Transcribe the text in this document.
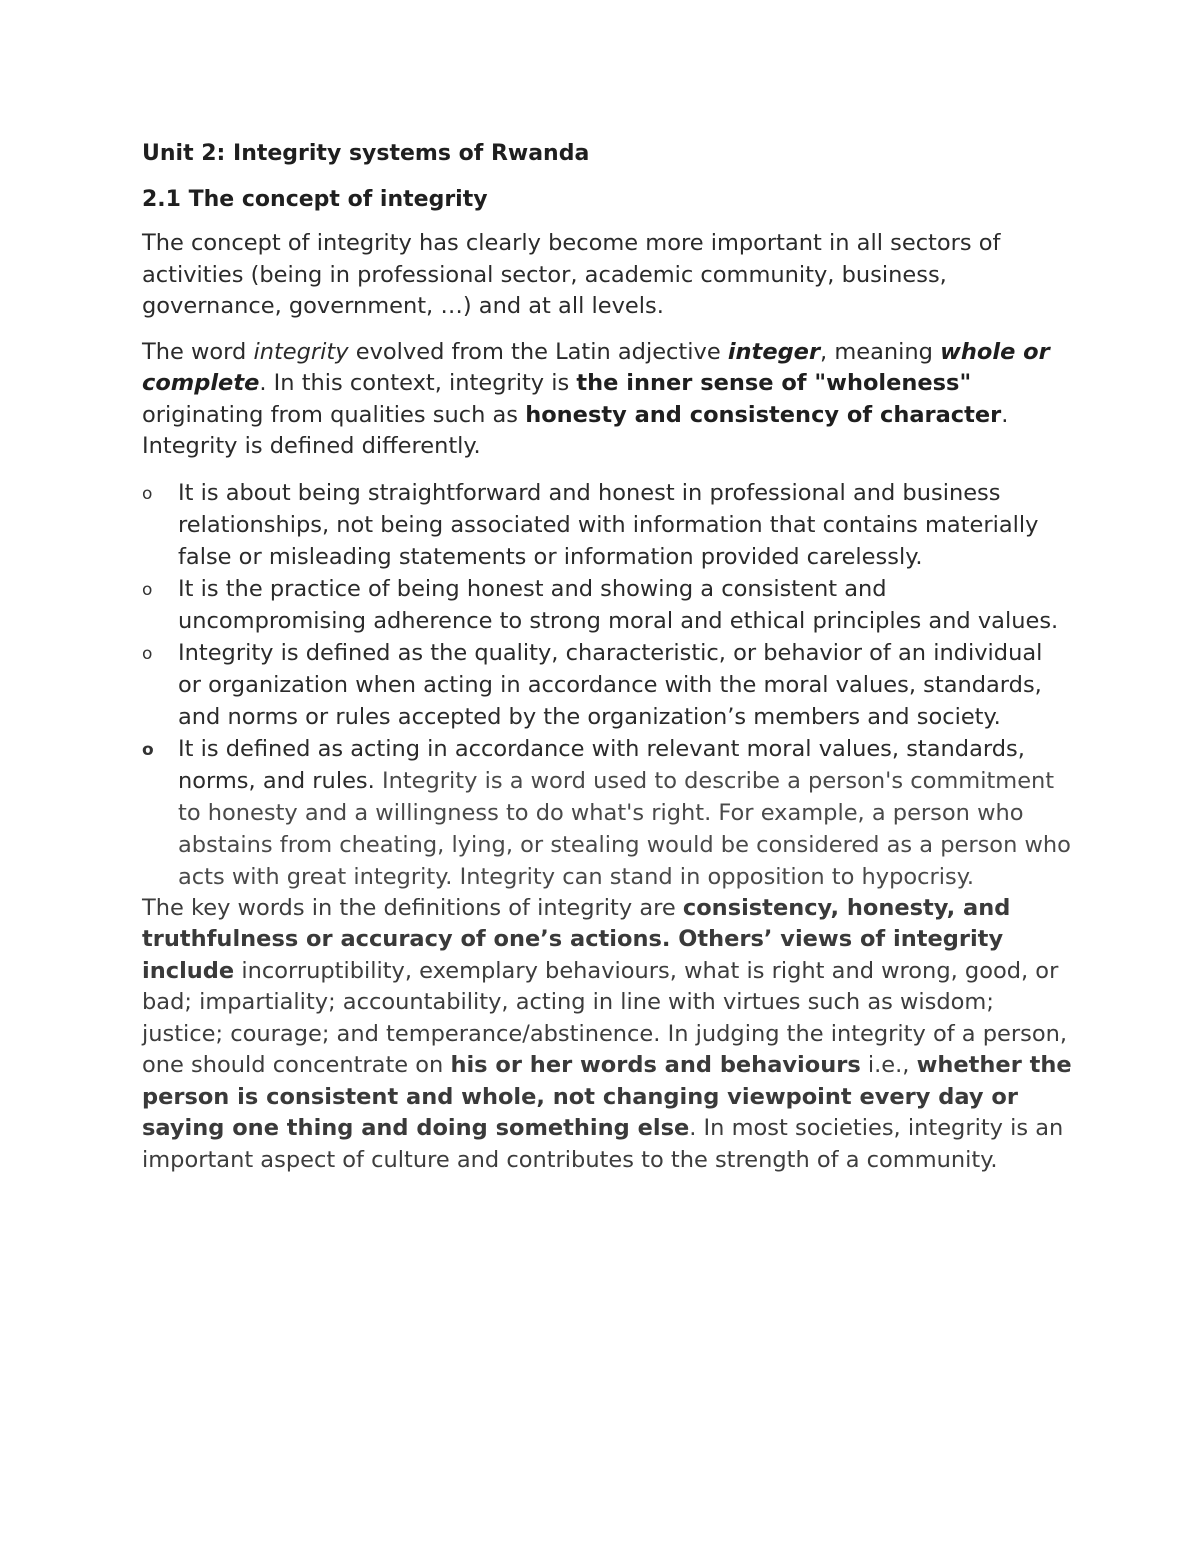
Unit 2: Integrity systems of Rwanda
2.1 The concept of integrity

The concept of integrity has clearly become more important in all sectors of activities (being in professional sector, academic community, business, governance, government, …) and at all levels.

The word integrity evolved from the Latin adjective integer, meaning whole or complete. In this context, integrity is the inner sense of "wholeness" originating from qualities such as honesty and consistency of character. Integrity is defined differently.

o It is about being straightforward and honest in professional and business relationships, not being associated with information that contains materially false or misleading statements or information provided carelessly.
o It is the practice of being honest and showing a consistent and uncompromising adherence to strong moral and ethical principles and values.
o Integrity is defined as the quality, characteristic, or behavior of an individual or organization when acting in accordance with the moral values, standards, and norms or rules accepted by the organization’s members and society.
o It is defined as acting in accordance with relevant moral values, standards, norms, and rules. Integrity is a word used to describe a person's commitment to honesty and a willingness to do what's right. For example, a person who abstains from cheating, lying, or stealing would be considered as a person who acts with great integrity. Integrity can stand in opposition to hypocrisy.

The key words in the definitions of integrity are consistency, honesty, and truthfulness or accuracy of one’s actions. Others’ views of integrity include incorruptibility, exemplary behaviours, what is right and wrong, good, or bad; impartiality; accountability, acting in line with virtues such as wisdom; justice; courage; and temperance/abstinence. In judging the integrity of a person, one should concentrate on his or her words and behaviours i.e., whether the person is consistent and whole, not changing viewpoint every day or saying one thing and doing something else. In most societies, integrity is an important aspect of culture and contributes to the strength of a community.
